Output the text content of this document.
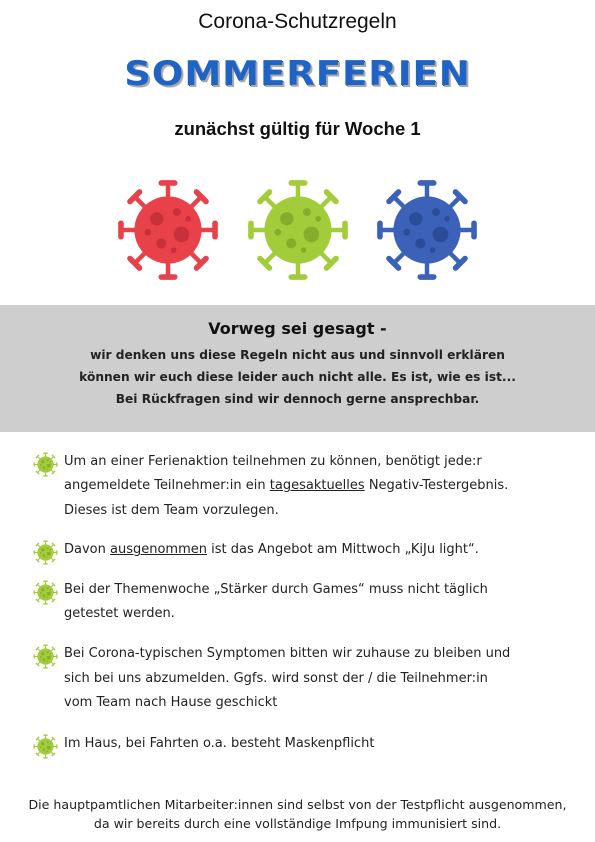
Corona-Schutzregeln
SOMMERFERIEN
zunächst gültig für Woche 1
Vorweg sei gesagt -
wir denken uns diese Regeln nicht aus und sinnvoll erklären
können wir euch diese leider auch nicht alle. Es ist, wie es ist...
Bei Rückfragen sind wir dennoch gerne ansprechbar.
Um an einer Ferienaktion teilnehmen zu können, benötigt jede:r
angemeldete Teilnehmer:in ein tagesaktuelles Negativ-Testergebnis.
Dieses ist dem Team vorzulegen.
Davon ausgenommen ist das Angebot am Mittwoch „KiJu light“.
Bei der Themenwoche „Stärker durch Games“ muss nicht täglich
getestet werden.
Bei Corona-typischen Symptomen bitten wir zuhause zu bleiben und
sich bei uns abzumelden. Ggfs. wird sonst der / die Teilnehmer:in
vom Team nach Hause geschickt
Im Haus, bei Fahrten o.a. besteht Maskenpflicht
Die hauptpamtlichen Mitarbeiter:innen sind selbst von der Testpflicht ausgenommen,
da wir bereits durch eine vollständige Imfpung immunisiert sind.
